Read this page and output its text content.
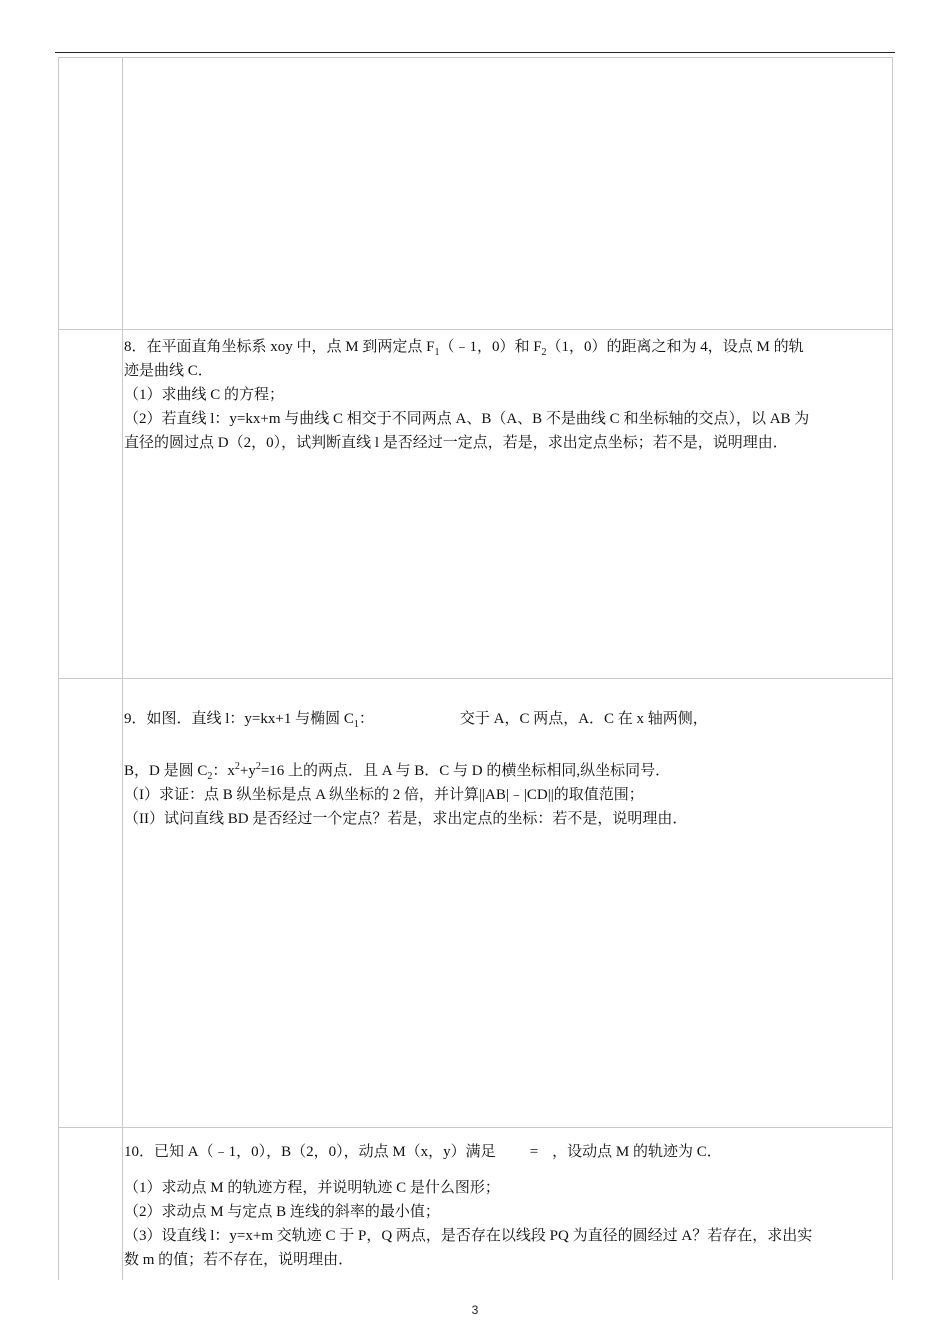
8．在平面直角坐标系 xoy 中，点 M 到两定点 $F_1(﹣1$，0）和 $F_2(1$，0）的距离之和为 4，设点 M 的轨

迹是曲线 C．

（1）求曲线 C 的方程；

（2）若直线 l：y=kx+m 与曲线 C 相交于不同两点 A、B（A、B 不是曲线 C 和坐标轴的交点），以 AB 为

直径的圆过点 D（2，0），试判断直线 l 是否经过一定点，若是，求出定点坐标；若不是，说明理由．

9．如图．直线 l：y=kx+1 与椭圆 $C_1$：	交于 A，C 两点，A．C 在 x 轴两侧，

B，D 是圆 $C_2$：$x^2+y^2=16$ 上的两点．且 A 与 B．C 与 D 的横坐标相同,纵坐标同号．

（I）求证：点 B 纵坐标是点 A 纵坐标的 2 倍，并计算||AB|﹣|CD||的取值范围；

（II）试问直线 BD 是否经过一个定点？若是，求出定点的坐标：若不是，说明理由．

10．已知 A（﹣1，0），B（2，0），动点 M（x，y）满足 = ，设动点 M 的轨迹为 C．

（1）求动点 M 的轨迹方程，并说明轨迹 C 是什么图形；

（2）求动点 M 与定点 B 连线的斜率的最小值；

（3）设直线 l：y=x+m 交轨迹 C 于 P，Q 两点，是否存在以线段 PQ 为直径的圆经过 A？若存在，求出实

数 m 的值；若不存在，说明理由．

3
